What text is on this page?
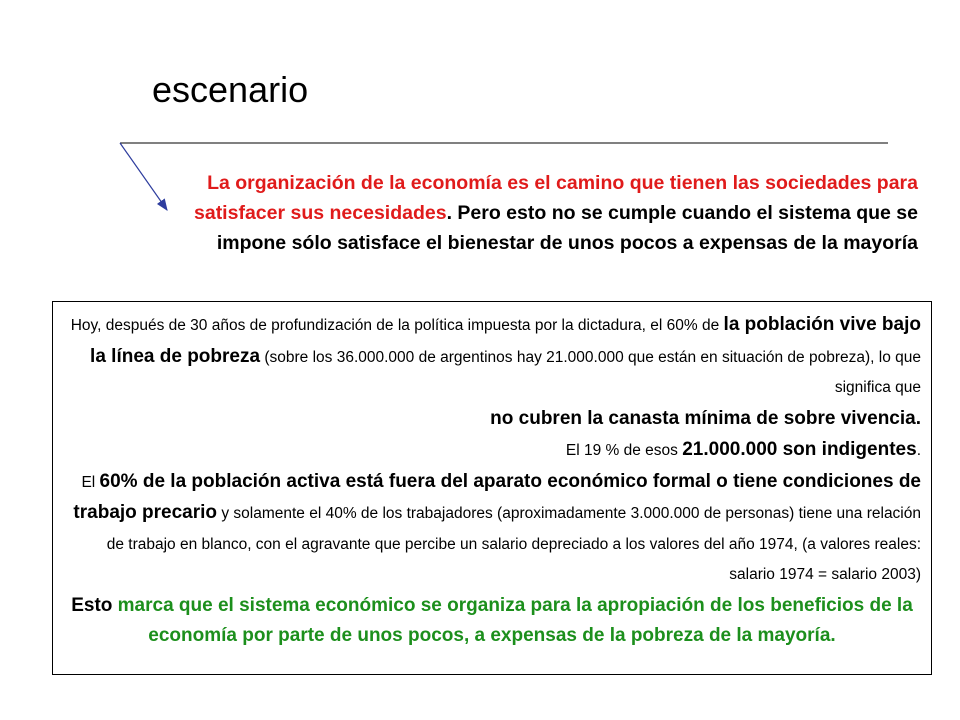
escenario
La organización de la economía es el camino que tienen las sociedades para satisfacer sus necesidades. Pero esto no se cumple cuando el sistema que se impone sólo satisface el bienestar de unos pocos a expensas de la mayoría

Hoy, después de 30 años de profundización de la política impuesta por la dictadura, el 60% de la población vive bajo la línea de pobreza (sobre los 36.000.000 de argentinos hay 21.000.000 que están en situación de pobreza), lo que significa que

no cubren la canasta mínima de sobre vivencia.

El 19 % de esos 21.000.000 son indigentes.

El 60% de la población activa está fuera del aparato económico formal o tiene condiciones de trabajo precario y solamente el 40% de los trabajadores (aproximadamente 3.000.000 de personas) tiene una relación de trabajo en blanco, con el agravante que percibe un salario depreciado a los valores del año 1974, (a valores reales: salario 1974 = salario 2003)

Esto marca que el sistema económico se organiza para la apropiación de los beneficios de la economía por parte de unos pocos, a expensas de la pobreza de la mayoría.
